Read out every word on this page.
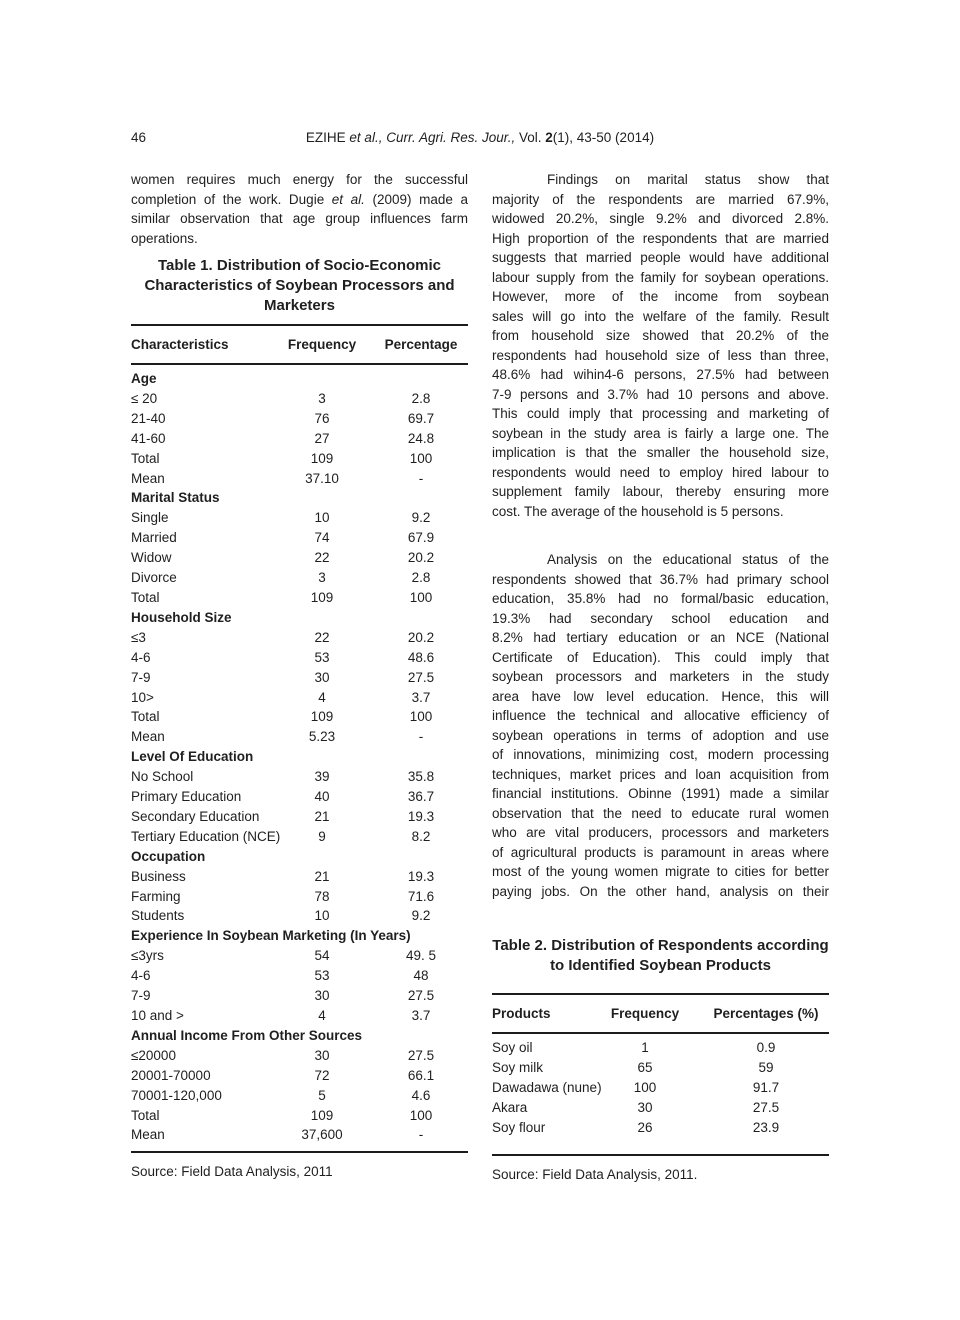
46	EZIHE et al., Curr. Agri. Res. Jour., Vol. 2(1), 43-50 (2014)
women requires much energy for the successful
completion of the work. Dugie et al. (2009) made a
similar observation that age group influences farm
operations.
Table 1. Distribution of Socio-Economic
Characteristics of Soybean Processors and
Marketers
Characteristics	Frequency	Percentage
Age
≤ 20	3	2.8
21-40	76	69.7
41-60	27	24.8
Total	109	100
Mean	37.10	-
Marital Status
Single	10	9.2
Married	74	67.9
Widow	22	20.2
Divorce	3	2.8
Total	109	100
Household Size
≤3	22	20.2
4-6	53	48.6
7-9	30	27.5
10>	4	3.7
Total	109	100
Mean	5.23	-
Level Of Education
No School	39	35.8
Primary Education	40	36.7
Secondary Education	21	19.3
Tertiary Education (NCE)	9	8.2
Occupation
Business	21	19.3
Farming	78	71.6
Students	10	9.2
Experience In Soybean Marketing (In Years)
≤3yrs	54	49. 5
4-6	53	48
7-9	30	27.5
10 and >	4	3.7
Annual Income From Other Sources
≤20000	30	27.5
20001-70000	72	66.1
70001-120,000	5	4.6
Total	109	100
Mean	37,600	-
Source: Field Data Analysis, 2011
Findings on marital status show that
majority of the respondents are married 67.9%,
widowed 20.2%, single 9.2% and divorced 2.8%.
High proportion of the respondents that are married
suggests that married people would have additional
labour supply from the family for soybean operations.
However, more of the income from soybean
sales will go into the welfare of the family. Result
from household size showed that 20.2% of the
respondents had household size of less than three,
48.6% had wihin4-6 persons, 27.5% had between
7-9 persons and 3.7% had 10 persons and above.
This could imply that processing and marketing of
soybean in the study area is fairly a large one. The
implication is that the smaller the household size,
respondents would need to employ hired labour to
supplement family labour, thereby ensuring more
cost. The average of the household is 5 persons.
Analysis on the educational status of the
respondents showed that 36.7% had primary school
education, 35.8% had no formal/basic education,
19.3% had secondary school education and
8.2% had tertiary education or an NCE (National
Certificate of Education). This could imply that
soybean processors and marketers in the study
area have low level education. Hence, this will
influence the technical and allocative efficiency of
soybean operations in terms of adoption and use
of innovations, minimizing cost, modern processing
techniques, market prices and loan acquisition from
financial institutions. Obinne (1991) made a similar
observation that the need to educate rural women
who are vital producers, processors and marketers
of agricultural products is paramount in areas where
most of the young women migrate to cities for better
paying jobs. On the other hand, analysis on their
Table 2. Distribution of Respondents according
to Identified Soybean Products
Products	Frequency	Percentages (%)
Soy oil	1	0.9
Soy milk	65	59
Dawadawa (nune)	100	91.7
Akara	30	27.5
Soy flour	26	23.9
Source: Field Data Analysis, 2011.
